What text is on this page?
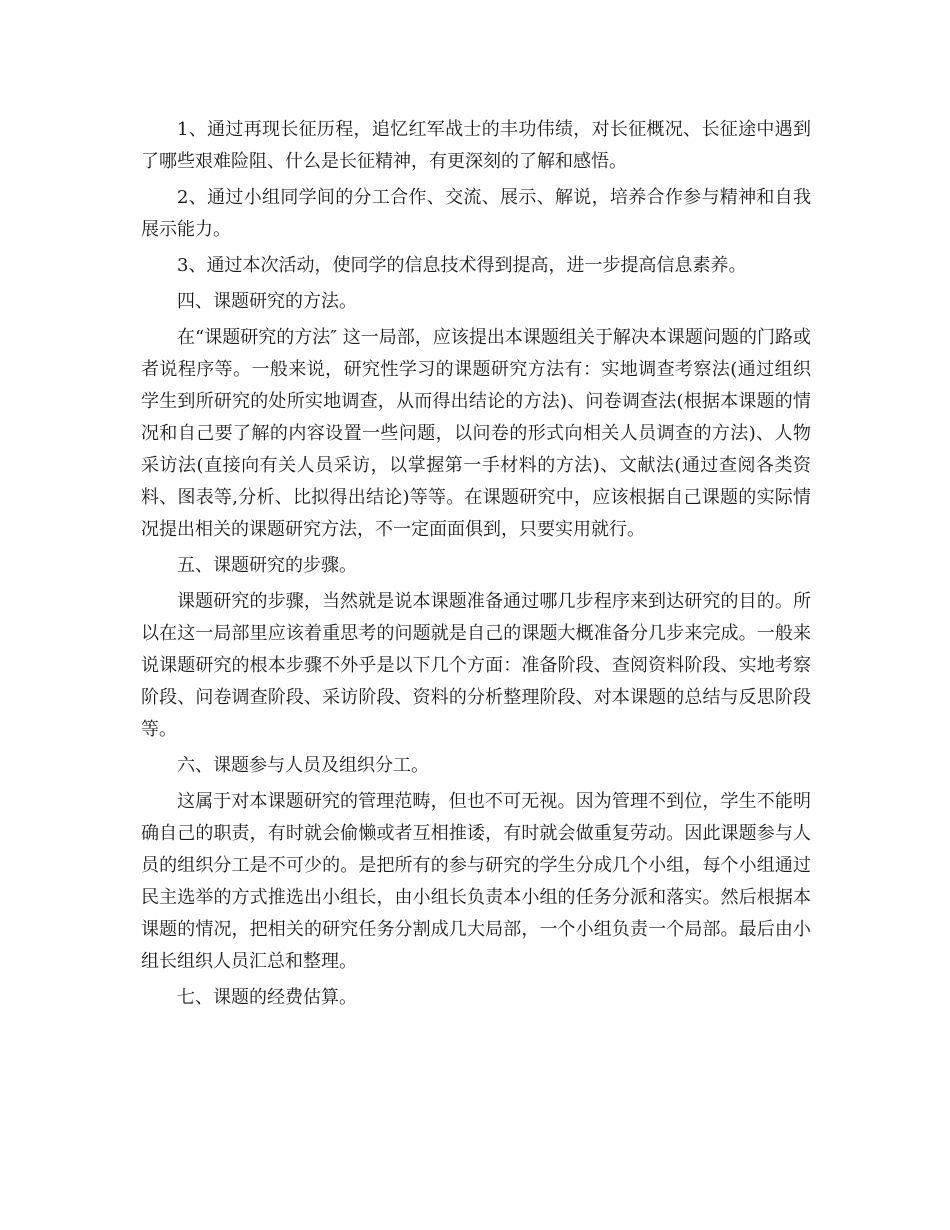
1、通过再现长征历程，追忆红军战士的丰功伟绩，对长征概况、长征途中遇到了哪些艰难险阻、什么是长征精神，有更深刻的了解和感悟。

2、通过小组同学间的分工合作、交流、展示、解说，培养合作参与精神和自我展示能力。

3、通过本次活动，使同学的信息技术得到提高，进一步提高信息素养。

四、课题研究的方法。

在“课题研究的方法″ 这一局部，应该提出本课题组关于解决本课题问题的门路或者说程序等。一般来说，研究性学习的课题研究方法有：实地调查考察法(通过组织学生到所研究的处所实地调查，从而得出结论的方法)、问卷调查法(根据本课题的情况和自己要了解的内容设置一些问题，以问卷的形式向相关人员调查的方法)、人物采访法(直接向有关人员采访，以掌握第一手材料的方法)、文献法(通过查阅各类资料、图表等,分析、比拟得出结论)等等。在课题研究中，应该根据自己课题的实际情况提出相关的课题研究方法，不一定面面俱到，只要实用就行。

五、课题研究的步骤。

课题研究的步骤，当然就是说本课题准备通过哪几步程序来到达研究的目的。所以在这一局部里应该着重思考的问题就是自己的课题大概准备分几步来完成。一般来说课题研究的根本步骤不外乎是以下几个方面：准备阶段、查阅资料阶段、实地考察阶段、问卷调查阶段、采访阶段、资料的分析整理阶段、对本课题的总结与反思阶段等。

六、课题参与人员及组织分工。

这属于对本课题研究的管理范畴，但也不可无视。因为管理不到位，学生不能明确自己的职责，有时就会偷懒或者互相推诿，有时就会做重复劳动。因此课题参与人员的组织分工是不可少的。是把所有的参与研究的学生分成几个小组，每个小组通过民主选举的方式推选出小组长，由小组长负责本小组的任务分派和落实。然后根据本课题的情况，把相关的研究任务分割成几大局部，一个小组负责一个局部。最后由小组长组织人员汇总和整理。

七、课题的经费估算。
